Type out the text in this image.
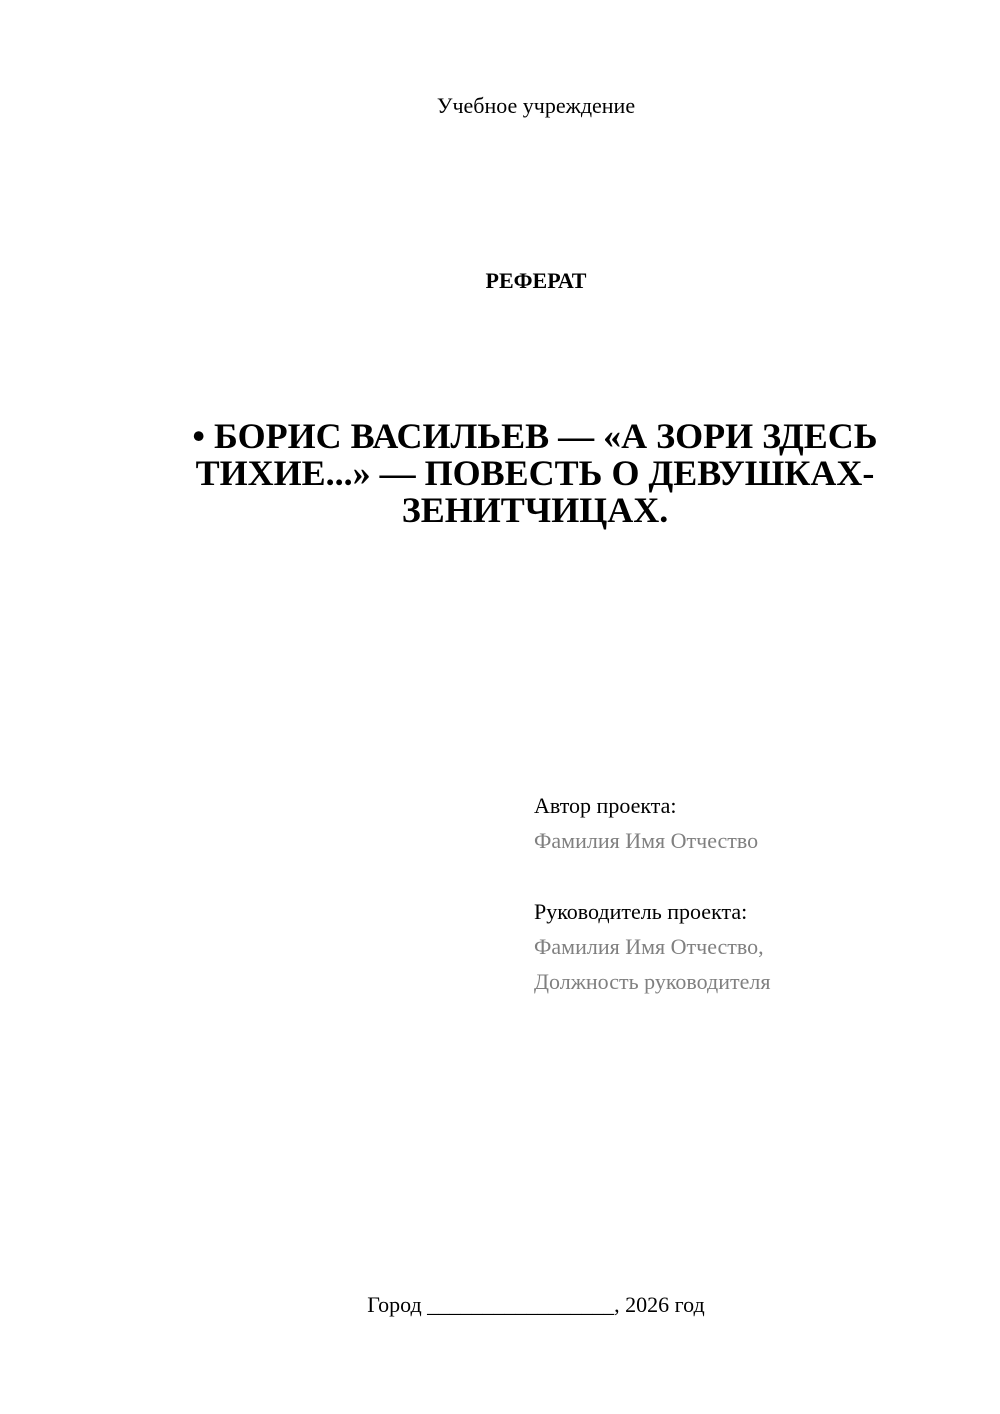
Учебное учреждение
РЕФЕРАТ
• БОРИС ВАСИЛЬЕВ — «А ЗОРИ ЗДЕСЬ ТИХИЕ...» — ПОВЕСТЬ О ДЕВУШКАХ-ЗЕНИТЧИЦАХ.
Автор проекта:
Фамилия Имя Отчество
Руководитель проекта:
Фамилия Имя Отчество,
Должность руководителя
Город _________________, 2026 год
